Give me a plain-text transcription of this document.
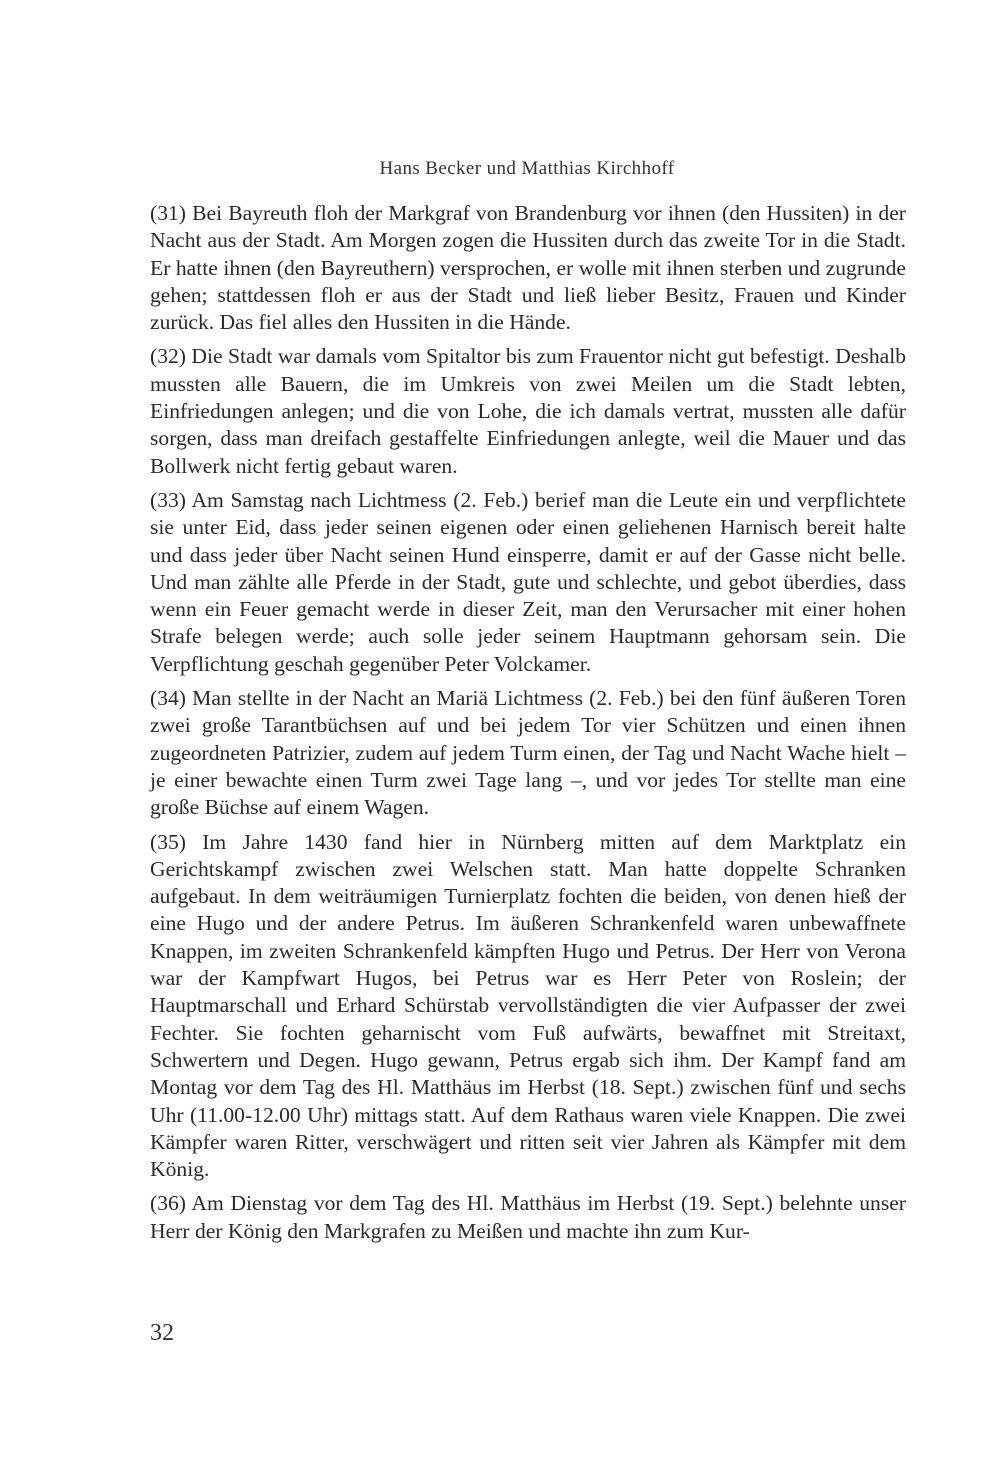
Hans Becker und Matthias Kirchhoff

(31) Bei Bayreuth floh der Markgraf von Brandenburg vor ihnen (den Hussiten) in der Nacht aus der Stadt. Am Morgen zogen die Hussiten durch das zweite Tor in die Stadt. Er hatte ihnen (den Bayreuthern) versprochen, er wolle mit ihnen sterben und zugrunde gehen; stattdessen floh er aus der Stadt und ließ lieber Besitz, Frauen und Kinder zurück. Das fiel alles den Hussiten in die Hände.

(32) Die Stadt war damals vom Spitaltor bis zum Frauentor nicht gut befestigt. Deshalb mussten alle Bauern, die im Umkreis von zwei Meilen um die Stadt lebten, Einfriedungen anlegen; und die von Lohe, die ich damals vertrat, mussten alle dafür sorgen, dass man dreifach gestaffelte Einfriedungen anlegte, weil die Mauer und das Bollwerk nicht fertig gebaut waren.

(33) Am Samstag nach Lichtmess (2. Feb.) berief man die Leute ein und verpflichtete sie unter Eid, dass jeder seinen eigenen oder einen geliehenen Harnisch bereit halte und dass jeder über Nacht seinen Hund einsperre, damit er auf der Gasse nicht belle. Und man zählte alle Pferde in der Stadt, gute und schlechte, und gebot überdies, dass wenn ein Feuer gemacht werde in dieser Zeit, man den Verursacher mit einer hohen Strafe belegen werde; auch solle jeder seinem Hauptmann gehorsam sein. Die Verpflichtung geschah gegenüber Peter Volckamer.

(34) Man stellte in der Nacht an Mariä Lichtmess (2. Feb.) bei den fünf äußeren Toren zwei große Tarantbüchsen auf und bei jedem Tor vier Schützen und einen ihnen zugeordneten Patrizier, zudem auf jedem Turm einen, der Tag und Nacht Wache hielt – je einer bewachte einen Turm zwei Tage lang –, und vor jedes Tor stellte man eine große Büchse auf einem Wagen.

(35) Im Jahre 1430 fand hier in Nürnberg mitten auf dem Marktplatz ein Gerichtskampf zwischen zwei Welschen statt. Man hatte doppelte Schranken aufgebaut. In dem weiträumigen Turnierplatz fochten die beiden, von denen hieß der eine Hugo und der andere Petrus. Im äußeren Schrankenfeld waren unbewaffnete Knappen, im zweiten Schrankenfeld kämpften Hugo und Petrus. Der Herr von Verona war der Kampfwart Hugos, bei Petrus war es Herr Peter von Roslein; der Hauptmarschall und Erhard Schürstab vervollständigten die vier Aufpasser der zwei Fechter. Sie fochten geharnischt vom Fuß aufwärts, bewaffnet mit Streitaxt, Schwertern und Degen. Hugo gewann, Petrus ergab sich ihm. Der Kampf fand am Montag vor dem Tag des Hl. Matthäus im Herbst (18. Sept.) zwischen fünf und sechs Uhr (11.00-12.00 Uhr) mittags statt. Auf dem Rathaus waren viele Knappen. Die zwei Kämpfer waren Ritter, verschwägert und ritten seit vier Jahren als Kämpfer mit dem König.

(36) Am Dienstag vor dem Tag des Hl. Matthäus im Herbst (19. Sept.) belehnte unser Herr der König den Markgrafen zu Meißen und machte ihn zum Kur-

32
